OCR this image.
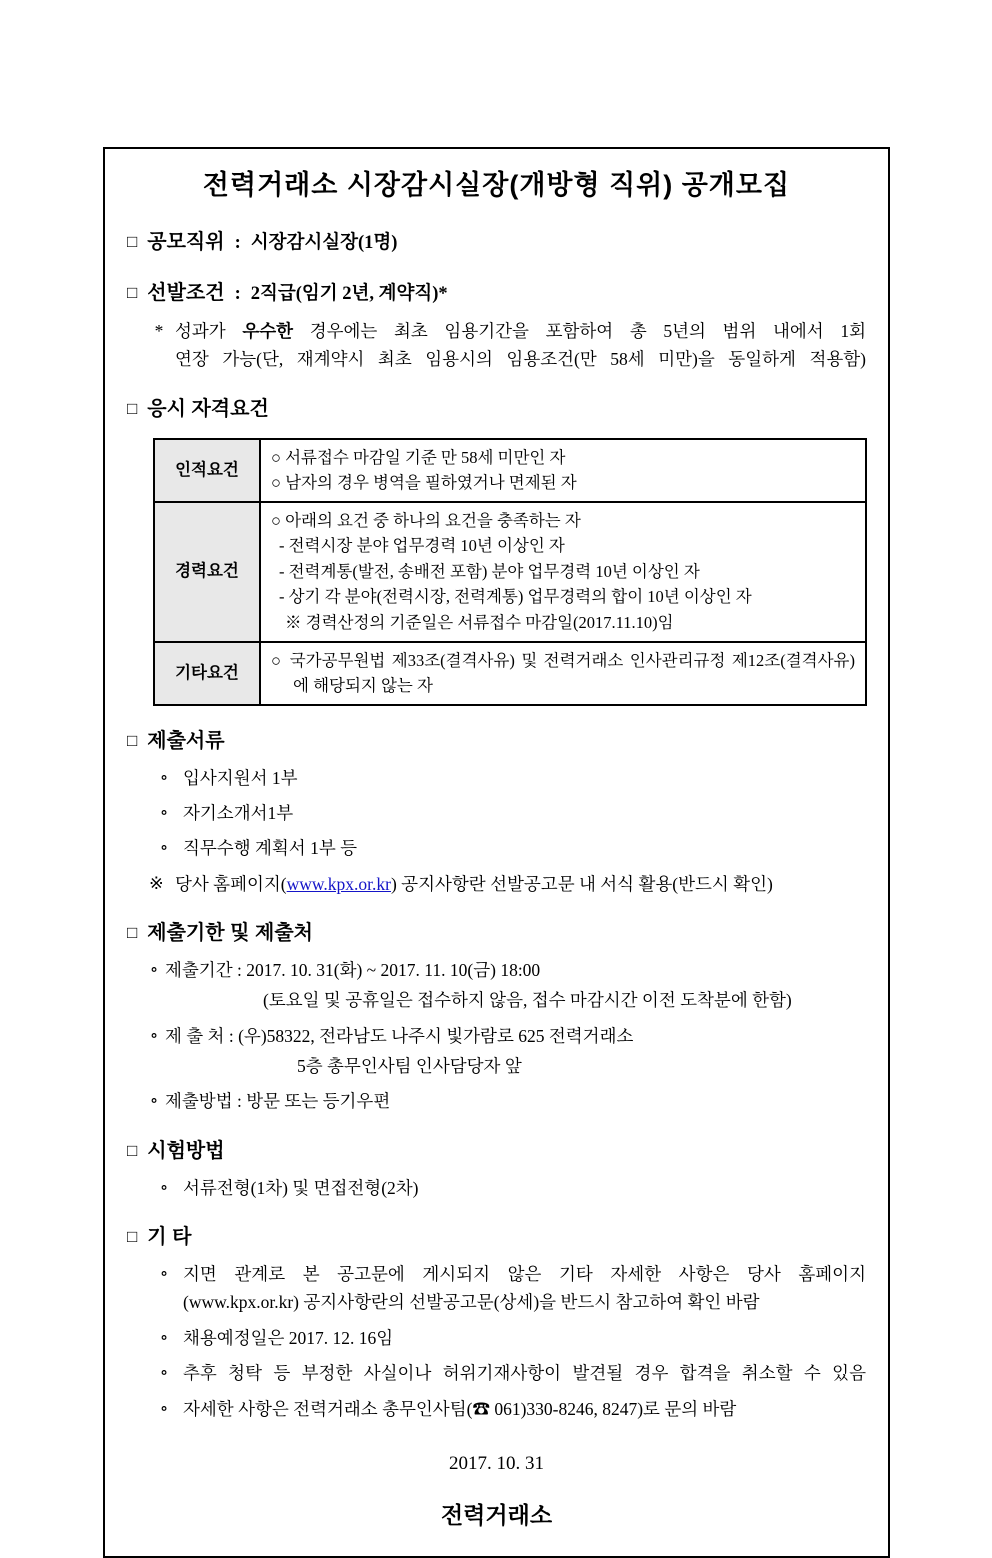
전력거래소 시장감시실장(개방형 직위) 공개모집
□ 공모직위 : 시장감시실장(1명)
□ 선발조건 : 2직급(임기 2년, 계약직)*
* 성과가 우수한 경우에는 최초 임용기간을 포함하여 총 5년의 범위 내에서 1회
연장 가능(단, 재계약시 최초 임용시의 임용조건(만 58세 미만)을 동일하게 적용함)
□ 응시 자격요건
인적요건	○ 서류접수 마감일 기준 만 58세 미만인 자
○ 남자의 경우 병역을 필하였거나 면제된 자

경력요건	○ 아래의 요건 중 하나의 요건을 충족하는 자
- 전력시장 분야 업무경력 10년 이상인 자
- 전력계통(발전, 송배전 포함) 분야 업무경력 10년 이상인 자
- 상기 각 분야(전력시장, 전력계통) 업무경력의 합이 10년 이상인 자
※ 경력산정의 기준일은 서류접수 마감일(2017.11.10)임

기타요건	○ 국가공무원법 제33조(결격사유) 및 전력거래소 인사관리규정 제12조(결격사유)
에 해당되지 않는 자
□ 제출서류
∘ 입사지원서 1부
∘ 자기소개서1부
∘ 직무수행 계획서 1부 등
※ 당사 홈페이지(www.kpx.or.kr) 공지사항란 선발공고문 내 서식 활용(반드시 확인)
□ 제출기한 및 제출처
∘ 제출기간 : 2017. 10. 31(화) ~ 2017. 11. 10(금) 18:00
(토요일 및 공휴일은 접수하지 않음, 접수 마감시간 이전 도착분에 한함)
∘ 제 출 처 : (우)58322, 전라남도 나주시 빛가람로 625 전력거래소
5층 총무인사팀 인사담당자 앞
∘ 제출방법 : 방문 또는 등기우편
□ 시험방법
∘ 서류전형(1차) 및 면접전형(2차)
□ 기 타
∘ 지면 관계로 본 공고문에 게시되지 않은 기타 자세한 사항은 당사 홈페이지
(www.kpx.or.kr) 공지사항란의 선발공고문(상세)을 반드시 참고하여 확인 바람
∘ 채용예정일은 2017. 12. 16임
∘ 추후 청탁 등 부정한 사실이나 허위기재사항이 발견될 경우 합격을 취소할 수 있음
∘ 자세한 사항은 전력거래소 총무인사팀(☎ 061)330-8246, 8247)로 문의 바람
2017. 10. 31
전력거래소
